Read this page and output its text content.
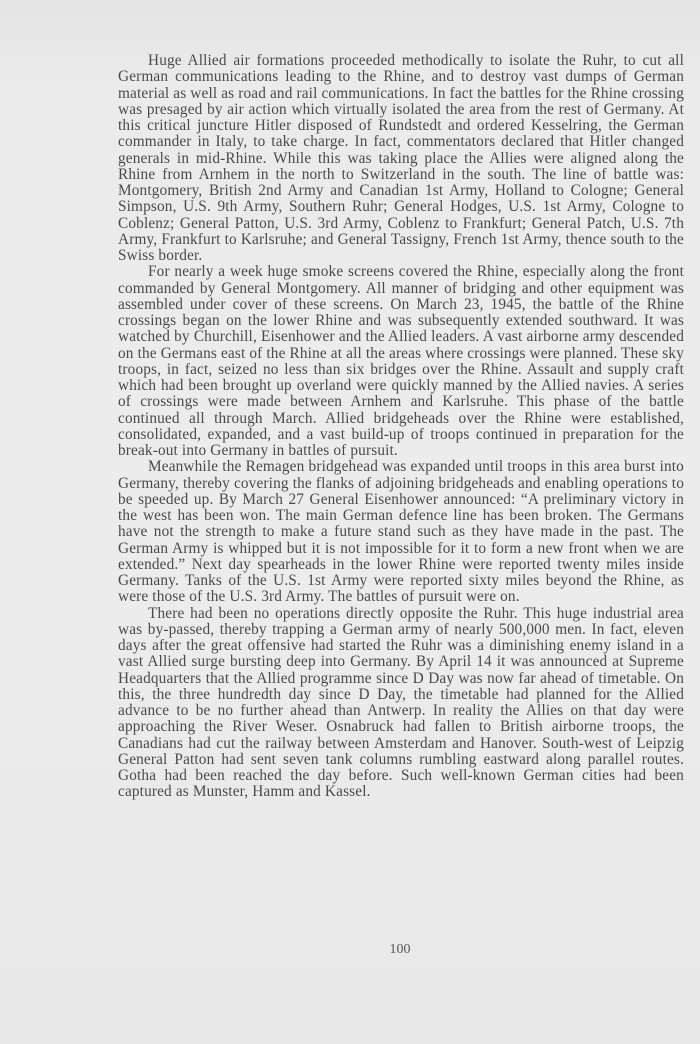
Huge Allied air formations proceeded methodically to isolate the Ruhr, to cut all German communications leading to the Rhine, and to destroy vast dumps of German material as well as road and rail communications. In fact the battles for the Rhine crossing was presaged by air action which virtually isolated the area from the rest of Germany. At this critical juncture Hitler disposed of Rundstedt and ordered Kesselring, the German commander in Italy, to take charge. In fact, commentators declared that Hitler changed generals in mid-Rhine. While this was taking place the Allies were aligned along the Rhine from Arnhem in the north to Switzerland in the south. The line of battle was: Montgomery, British 2nd Army and Canadian 1st Army, Holland to Cologne; General Simpson, U.S. 9th Army, Southern Ruhr; General Hodges, U.S. 1st Army, Cologne to Coblenz; General Patton, U.S. 3rd Army, Coblenz to Frankfurt; General Patch, U.S. 7th Army, Frankfurt to Karlsruhe; and General Tassigny, French 1st Army, thence south to the Swiss border.

For nearly a week huge smoke screens covered the Rhine, especially along the front commanded by General Montgomery. All manner of bridging and other equipment was assembled under cover of these screens. On March 23, 1945, the battle of the Rhine crossings began on the lower Rhine and was subsequently extended southward. It was watched by Churchill, Eisenhower and the Allied leaders. A vast airborne army descended on the Germans east of the Rhine at all the areas where crossings were planned. These sky troops, in fact, seized no less than six bridges over the Rhine. Assault and supply craft which had been brought up overland were quickly manned by the Allied navies. A series of crossings were made between Arnhem and Karlsruhe. This phase of the battle continued all through March. Allied bridgeheads over the Rhine were established, consolidated, expanded, and a vast build-up of troops continued in preparation for the break-out into Germany in battles of pursuit.

Meanwhile the Remagen bridgehead was expanded until troops in this area burst into Germany, thereby covering the flanks of adjoining bridgeheads and enabling operations to be speeded up. By March 27 General Eisenhower announced: “A preliminary victory in the west has been won. The main German defence line has been broken. The Germans have not the strength to make a future stand such as they have made in the past. The German Army is whipped but it is not impossible for it to form a new front when we are extended.” Next day spearheads in the lower Rhine were reported twenty miles inside Germany. Tanks of the U.S. 1st Army were reported sixty miles beyond the Rhine, as were those of the U.S. 3rd Army. The battles of pursuit were on.

There had been no operations directly opposite the Ruhr. This huge industrial area was by-passed, thereby trapping a German army of nearly 500,000 men. In fact, eleven days after the great offensive had started the Ruhr was a diminishing enemy island in a vast Allied surge bursting deep into Germany. By April 14 it was announced at Supreme Headquarters that the Allied programme since D Day was now far ahead of timetable. On this, the three hundredth day since D Day, the timetable had planned for the Allied advance to be no further ahead than Antwerp. In reality the Allies on that day were approaching the River Weser. Osnabruck had fallen to British airborne troops, the Canadians had cut the railway between Amsterdam and Hanover. South-west of Leipzig General Patton had sent seven tank columns rumbling eastward along parallel routes. Gotha had been reached the day before. Such well-known German cities had been captured as Munster, Hamm and Kassel.

100
